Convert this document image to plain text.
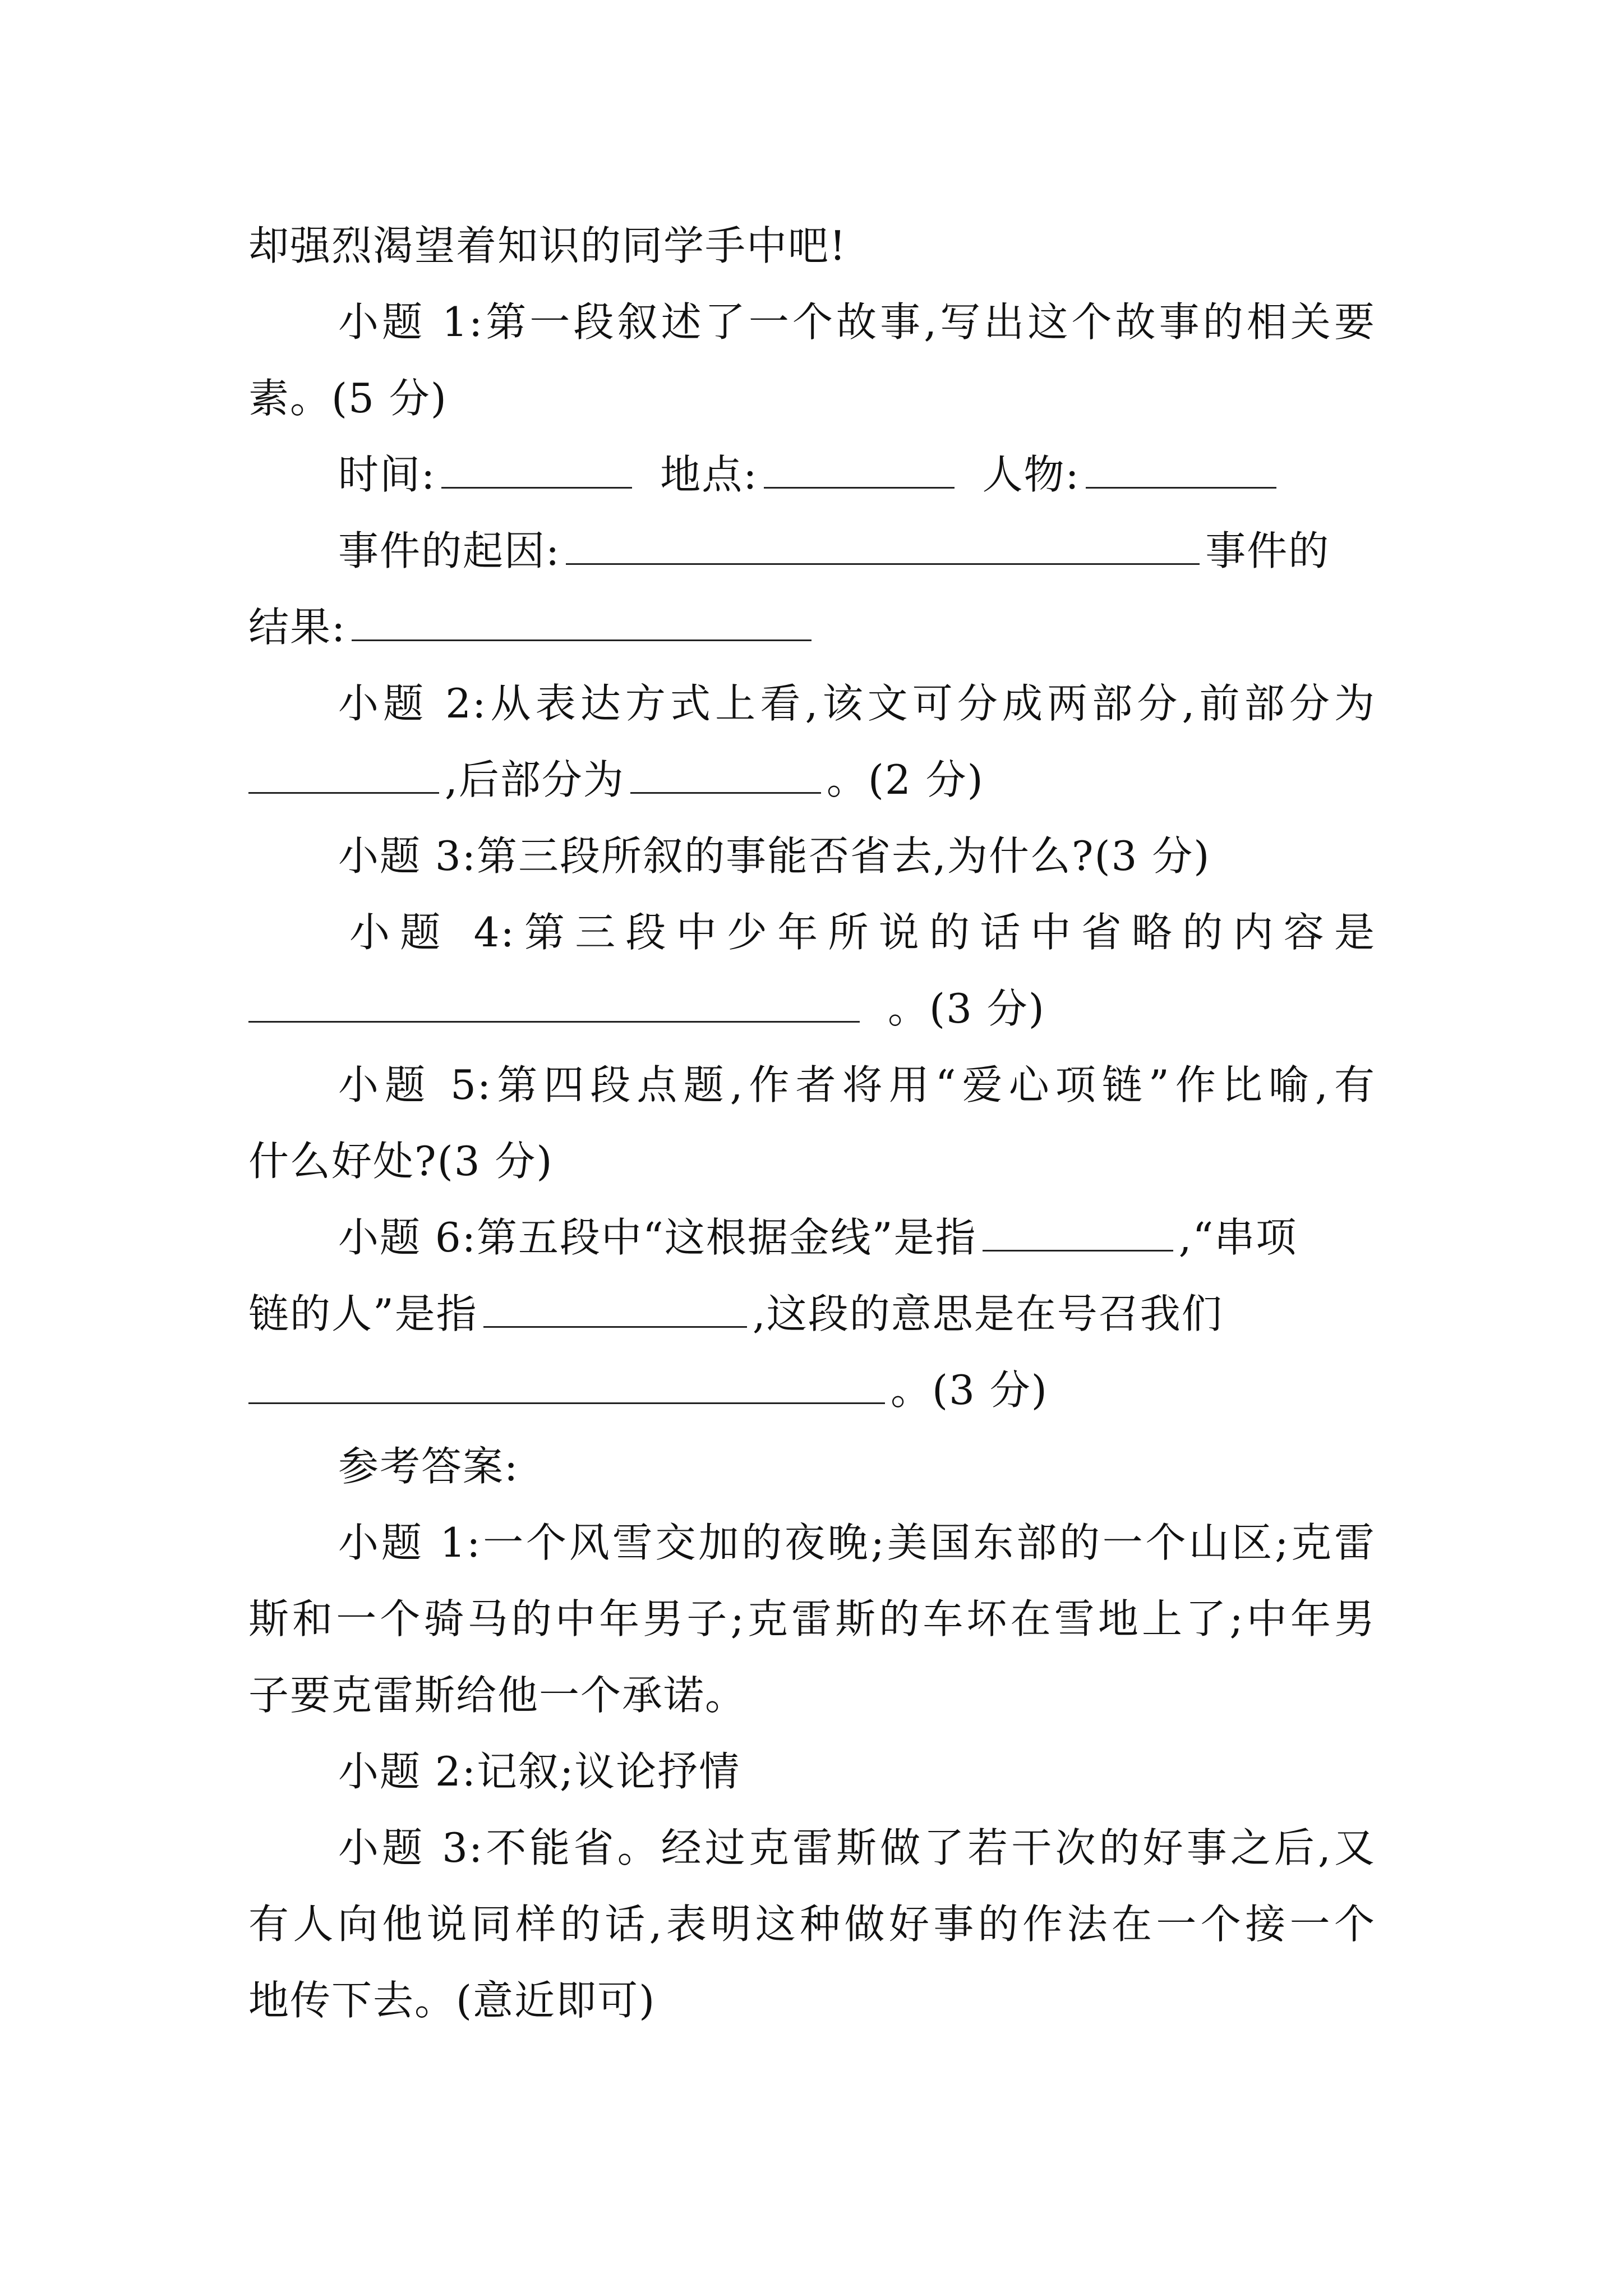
却强烈渴望着知识的同学手中吧!
小题 1:第一段叙述了一个故事,写出这个故事的相关要
素。(5 分)
时间:	地点:	人物:
事件的起因:	事件的
结果:
小题 2:从表达方式上看,该文可分成两部分,前部分为
,后部分为	。(2 分)
小题 3:第三段所叙的事能否省去,为什么?(3 分)
小题 4:第三段中少年所说的话中省略的内容是
。(3 分)
小题 5:第四段点题,作者将用“爱心项链”作比喻,有
什么好处?(3 分)
小题 6:第五段中“这根据金线”是指	,“串项
链的人”是指	,这段的意思是在号召我们
。(3 分)
参考答案:
小题 1:一个风雪交加的夜晚;美国东部的一个山区;克雷
斯和一个骑马的中年男子;克雷斯的车坏在雪地上了;中年男
子要克雷斯给他一个承诺。
小题 2:记叙;议论抒情
小题 3:不能省。经过克雷斯做了若干次的好事之后,又
有人向他说同样的话,表明这种做好事的作法在一个接一个
地传下去。(意近即可)
